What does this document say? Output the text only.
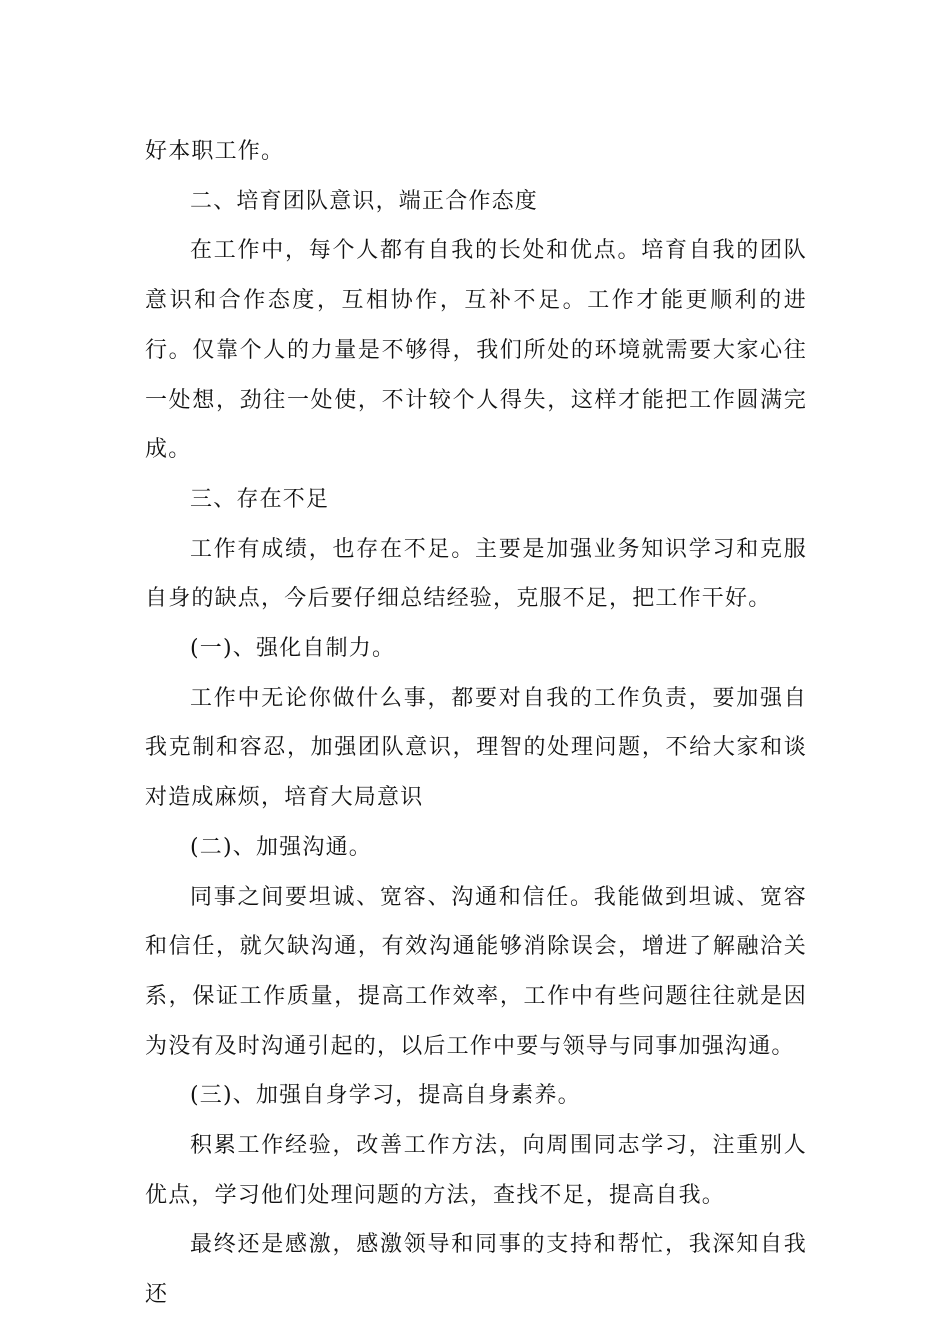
好本职工作。

二、培育团队意识，端正合作态度

在工作中，每个人都有自我的长处和优点。培育自我的团队意识和合作态度，互相协作，互补不足。工作才能更顺利的进行。仅靠个人的力量是不够得，我们所处的环境就需要大家心往一处想，劲往一处使，不计较个人得失，这样才能把工作圆满完成。

三、存在不足

工作有成绩，也存在不足。主要是加强业务知识学习和克服自身的缺点，今后要仔细总结经验，克服不足，把工作干好。

(一)、强化自制力。

工作中无论你做什么事，都要对自我的工作负责，要加强自我克制和容忍，加强团队意识，理智的处理问题，不给大家和谈对造成麻烦，培育大局意识

(二)、加强沟通。

同事之间要坦诚、宽容、沟通和信任。我能做到坦诚、宽容和信任，就欠缺沟通，有效沟通能够消除误会，增进了解融洽关系，保证工作质量，提高工作效率，工作中有些问题往往就是因为没有及时沟通引起的，以后工作中要与领导与同事加强沟通。

(三)、加强自身学习，提高自身素养。

积累工作经验，改善工作方法，向周围同志学习，注重别人优点，学习他们处理问题的方法，查找不足，提高自我。

最终还是感激，感激领导和同事的支持和帮忙，我深知自我还
